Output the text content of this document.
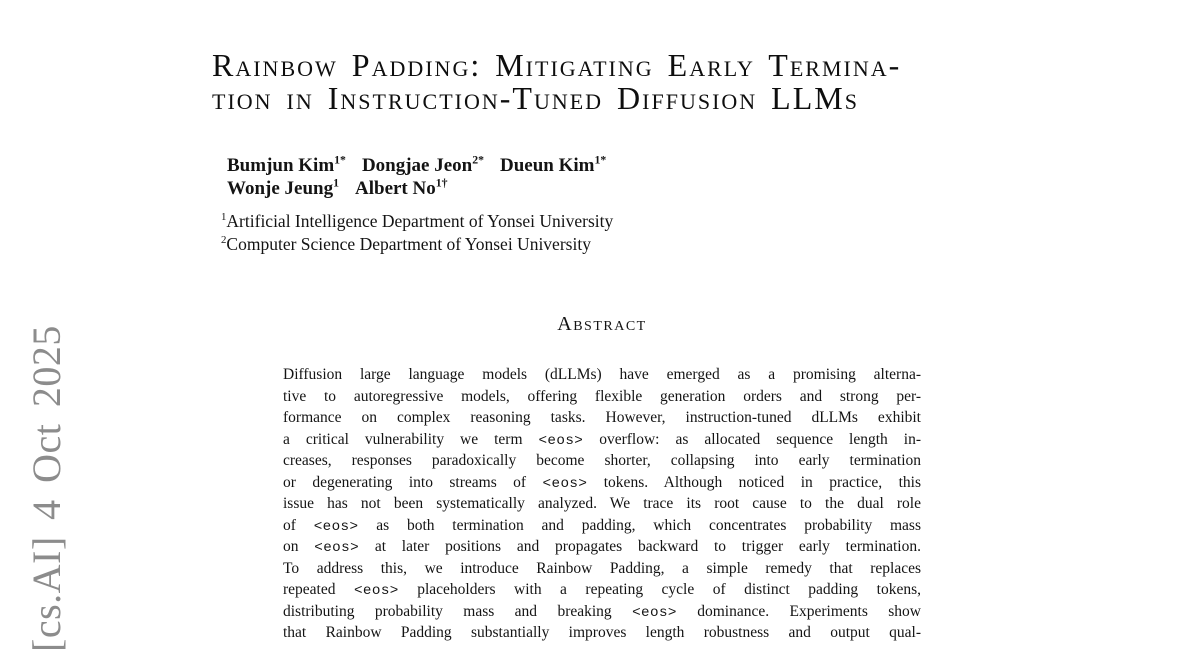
[cs.AI] 4 Oct 2025
Rainbow Padding: Mitigating Early Termina-
tion in Instruction-Tuned Diffusion LLMs
Bumjun Kim$^{1*}$ Dongjae Jeon$^{2*}$ Dueun Kim$^{1*}$
Wonje Jeung$^1$ Albert $No^{1\dagger}$
$^1$Artificial Intelligence Department of Yonsei University
$^2$Computer Science Department of Yonsei University
Abstract
Diffusion large language models (dLLMs) have emerged as a promising alterna-
tive to autoregressive models, offering flexible generation orders and strong per-
formance on complex reasoning tasks. However, instruction-tuned dLLMs exhibit
a critical vulnerability we term <eos> overflow: as allocated sequence length in-
creases, responses paradoxically become shorter, collapsing into early termination
or degenerating into streams of <eos> tokens. Although noticed in practice, this
issue has not been systematically analyzed. We trace its root cause to the dual role
of <eos> as both termination and padding, which concentrates probability mass
on <eos> at later positions and propagates backward to trigger early termination.
To address this, we introduce Rainbow Padding, a simple remedy that replaces
repeated <eos> placeholders with a repeating cycle of distinct padding tokens,
distributing probability mass and breaking <eos> dominance. Experiments show
that Rainbow Padding substantially improves length robustness and output qual-
